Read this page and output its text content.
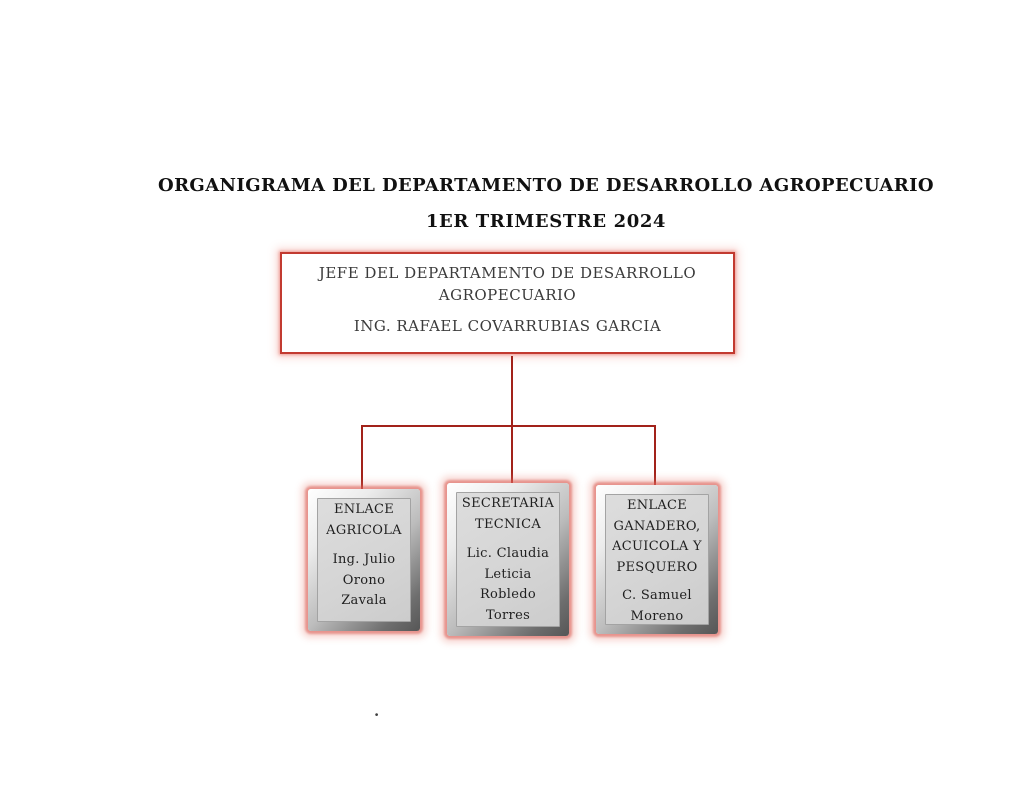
ORGANIGRAMA DEL DEPARTAMENTO DE DESARROLLO AGROPECUARIO
1ER TRIMESTRE 2024
JEFE DEL DEPARTAMENTO DE DESARROLLO
AGROPECUARIO
ING. RAFAEL COVARRUBIAS GARCIA
ENLACE
AGRICOLA
Ing. Julio
Orono Zavala
SECRETARIA
TECNICA
Lic. Claudia
Leticia
Robledo
Torres
ENLACE
GANADERO,
ACUICOLA Y
PESQUERO
C. Samuel
Moreno
.
